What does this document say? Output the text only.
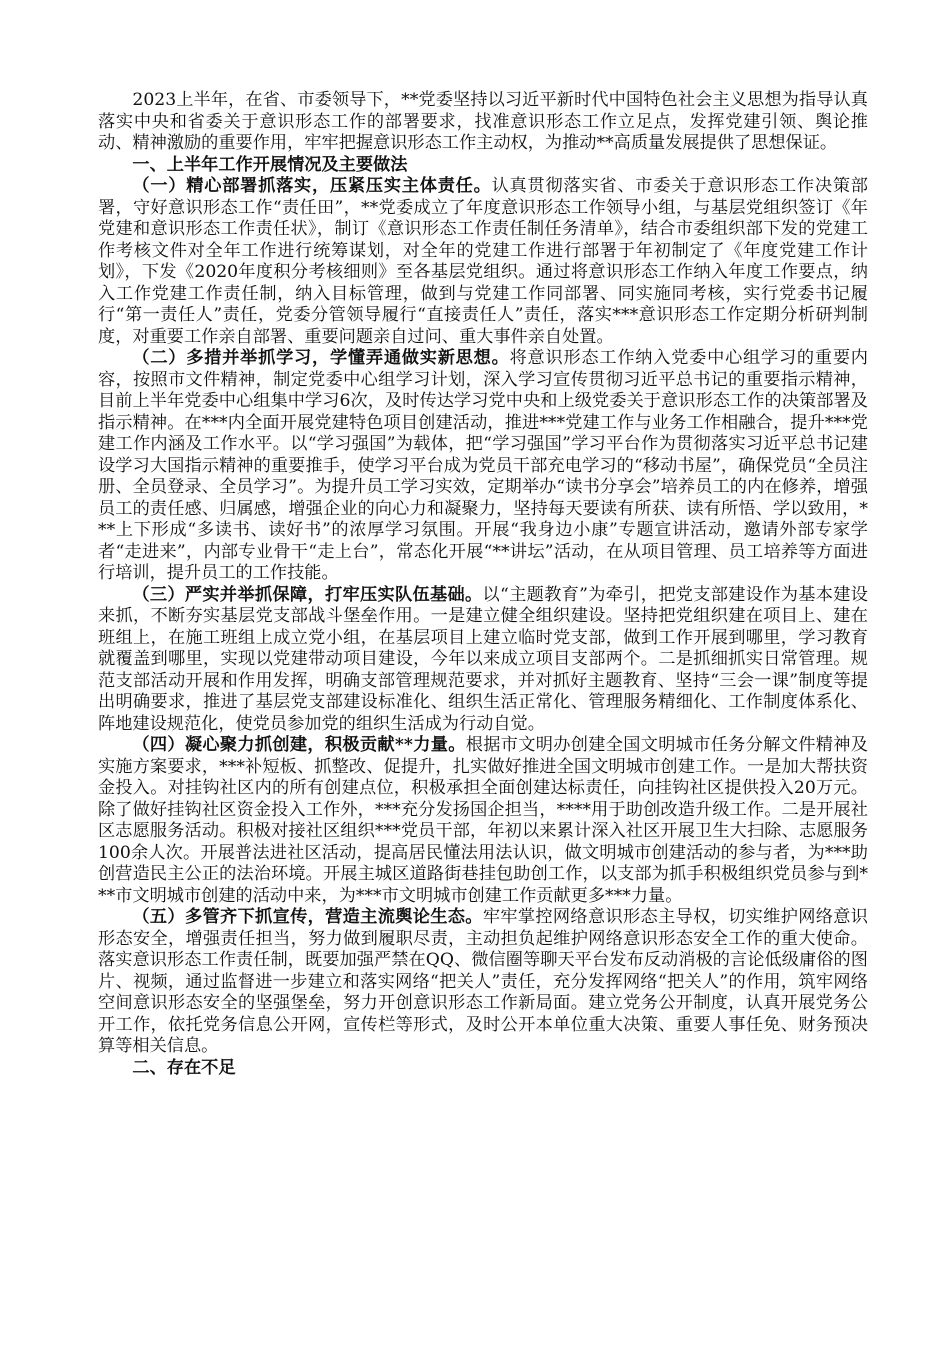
2023上半年，在省、市委领导下，**党委坚持以习近平新时代中国特色社会主义思想为指导认真落实中央和省委关于意识形态工作的部署要求，找准意识形态工作立足点，发挥党建引领、舆论推动、精神激励的重要作用，牢牢把握意识形态工作主动权，为推动**高质量发展提供了思想保证。

一、上半年工作开展情况及主要做法

（一）精心部署抓落实，压紧压实主体责任。认真贯彻落实省、市委关于意识形态工作决策部署，守好意识形态工作“责任田”，**党委成立了年度意识形态工作领导小组，与基层党组织签订《年党建和意识形态工作责任状》，制订《意识形态工作责任制任务清单》，结合市委组织部下发的党建工作考核文件对全年工作进行统筹谋划，对全年的党建工作进行部署于年初制定了《年度党建工作计划》，下发《2020年度积分考核细则》至各基层党组织。通过将意识形态工作纳入年度工作要点，纳入工作党建工作责任制，纳入目标管理，做到与党建工作同部署、同实施同考核，实行党委书记履行“第一责任人”责任，党委分管领导履行“直接责任人”责任，落实***意识形态工作定期分析研判制度，对重要工作亲自部署、重要问题亲自过问、重大事件亲自处置。

（二）多措并举抓学习，学懂弄通做实新思想。将意识形态工作纳入党委中心组学习的重要内容，按照市文件精神，制定党委中心组学习计划，深入学习宣传贯彻习近平总书记的重要指示精神，目前上半年党委中心组集中学习6次，及时传达学习党中央和上级党委关于意识形态工作的决策部署及指示精神。在***内全面开展党建特色项目创建活动，推进***党建工作与业务工作相融合，提升***党建工作内涵及工作水平。以“学习强国”为载体，把“学习强国”学习平台作为贯彻落实习近平总书记建设学习大国指示精神的重要推手，使学习平台成为党员干部充电学习的“移动书屋”，确保党员“全员注册、全员登录、全员学习”。为提升员工学习实效，定期举办“读书分享会”培养员工的内在修养，增强员工的责任感、归属感，增强企业的向心力和凝聚力，坚持每天要读有所获、读有所悟、学以致用，***上下形成“多读书、读好书”的浓厚学习氛围。开展“我身边小康”专题宣讲活动，邀请外部专家学者“走进来”，内部专业骨干“走上台”，常态化开展“**讲坛”活动，在从项目管理、员工培养等方面进行培训，提升员工的工作技能。

（三）严实并举抓保障，打牢压实队伍基础。以“主题教育”为牵引，把党支部建设作为基本建设来抓，不断夯实基层党支部战斗堡垒作用。一是建立健全组织建设。坚持把党组织建在项目上、建在班组上，在施工班组上成立党小组，在基层项目上建立临时党支部，做到工作开展到哪里，学习教育就覆盖到哪里，实现以党建带动项目建设，今年以来成立项目支部两个。二是抓细抓实日常管理。规范支部活动开展和作用发挥，明确支部管理规范要求，并对抓好主题教育、坚持“三会一课”制度等提出明确要求，推进了基层党支部建设标准化、组织生活正常化、管理服务精细化、工作制度体系化、阵地建设规范化，使党员参加党的组织生活成为行动自觉。

（四）凝心聚力抓创建，积极贡献**力量。根据市文明办创建全国文明城市任务分解文件精神及实施方案要求，***补短板、抓整改、促提升，扎实做好推进全国文明城市创建工作。一是加大帮扶资金投入。对挂钩社区内的所有创建点位，积极承担全面创建达标责任，向挂钩社区提供投入20万元。除了做好挂钩社区资金投入工作外，***充分发扬国企担当，****用于助创改造升级工作。二是开展社区志愿服务活动。积极对接社区组织***党员干部，年初以来累计深入社区开展卫生大扫除、志愿服务100余人次。开展普法进社区活动，提高居民懂法用法认识，做文明城市创建活动的参与者，为***助创营造民主公正的法治环境。开展主城区道路街巷挂包助创工作，以支部为抓手积极组织党员参与到***市文明城市创建的活动中来，为***市文明城市创建工作贡献更多***力量。

（五）多管齐下抓宣传，营造主流舆论生态。牢牢掌控网络意识形态主导权，切实维护网络意识形态安全，增强责任担当，努力做到履职尽责，主动担负起维护网络意识形态安全工作的重大使命。落实意识形态工作责任制，既要加强严禁在QQ、微信圈等聊天平台发布反动消极的言论低级庸俗的图片、视频，通过监督进一步建立和落实网络“把关人”责任，充分发挥网络“把关人”的作用，筑牢网络空间意识形态安全的坚强堡垒，努力开创意识形态工作新局面。建立党务公开制度，认真开展党务公开工作，依托党务信息公开网，宣传栏等形式，及时公开本单位重大决策、重要人事任免、财务预决算等相关信息。

二、存在不足
